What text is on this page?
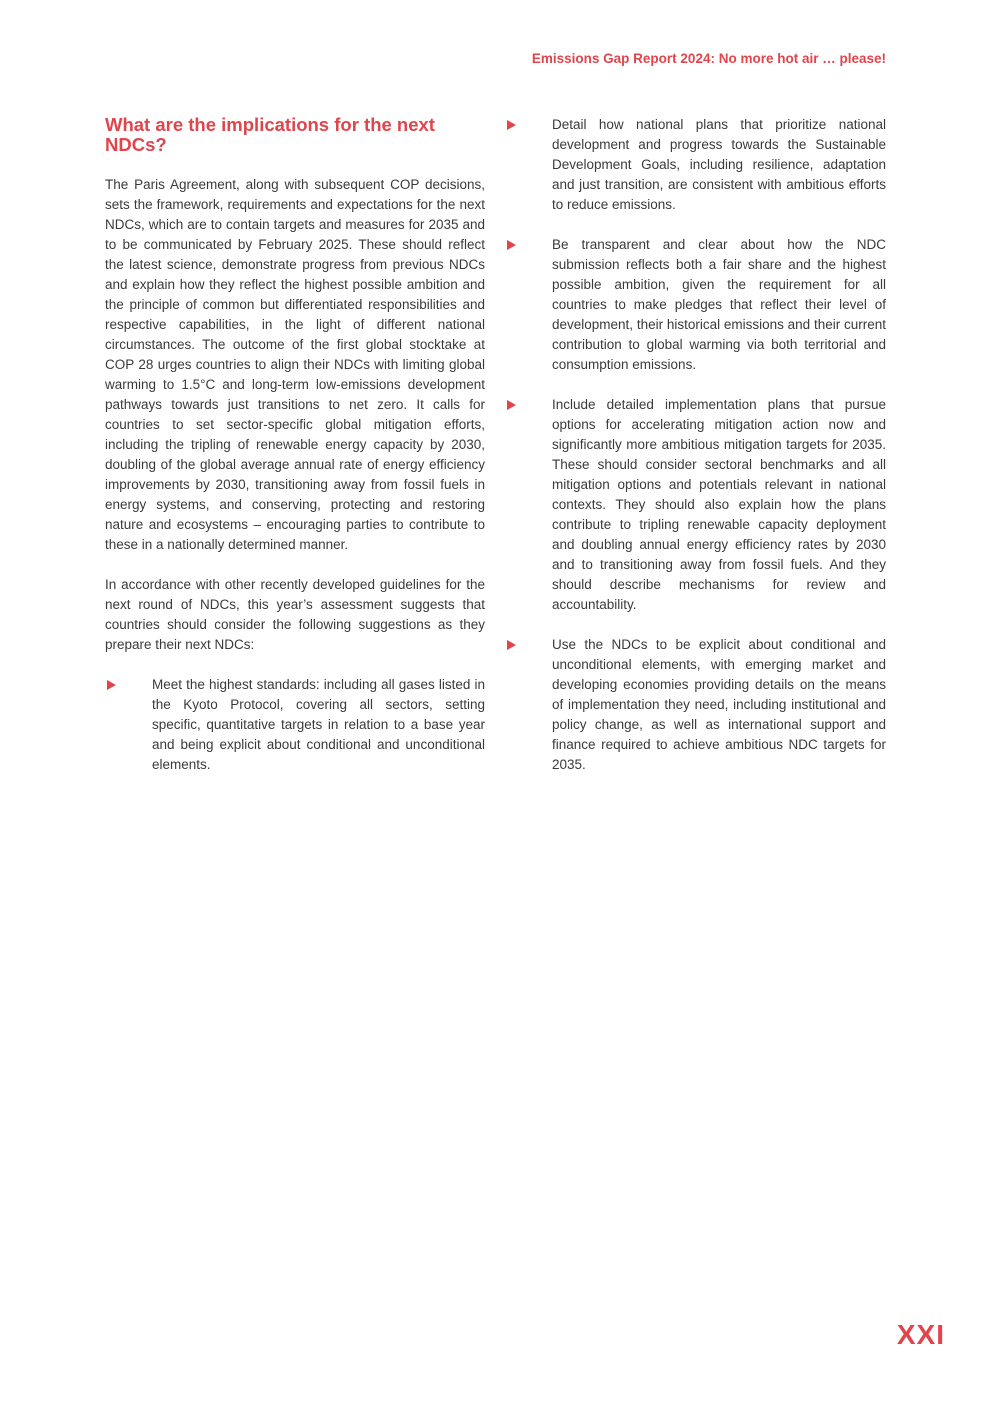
Emissions Gap Report 2024: No more hot air … please!
What are the implications for the next NDCs?

The Paris Agreement, along with subsequent COP decisions, sets the framework, requirements and expectations for the next NDCs, which are to contain targets and measures for 2035 and to be communicated by February 2025. These should reflect the latest science, demonstrate progress from previous NDCs and explain how they reflect the highest possible ambition and the principle of common but differentiated responsibilities and respective capabilities, in the light of different national circumstances. The outcome of the first global stocktake at COP 28 urges countries to align their NDCs with limiting global warming to 1.5°C and long-term low-emissions development pathways towards just transitions to net zero. It calls for countries to set sector-specific global mitigation efforts, including the tripling of renewable energy capacity by 2030, doubling of the global average annual rate of energy efficiency improvements by 2030, transitioning away from fossil fuels in energy systems, and conserving, protecting and restoring nature and ecosystems – encouraging parties to contribute to these in a nationally determined manner.

In accordance with other recently developed guidelines for the next round of NDCs, this year’s assessment suggests that countries should consider the following suggestions as they prepare their next NDCs:

Meet the highest standards: including all gases listed in the Kyoto Protocol, covering all sectors, setting specific, quantitative targets in relation to a base year and being explicit about conditional and unconditional elements.
Detail how national plans that prioritize national development and progress towards the Sustainable Development Goals, including resilience, adaptation and just transition, are consistent with ambitious efforts to reduce emissions.
Be transparent and clear about how the NDC submission reflects both a fair share and the highest possible ambition, given the requirement for all countries to make pledges that reflect their level of development, their historical emissions and their current contribution to global warming via both territorial and consumption emissions.
Include detailed implementation plans that pursue options for accelerating mitigation action now and significantly more ambitious mitigation targets for 2035. These should consider sectoral benchmarks and all mitigation options and potentials relevant in national contexts. They should also explain how the plans contribute to tripling renewable capacity deployment and doubling annual energy efficiency rates by 2030 and to transitioning away from fossil fuels. And they should describe mechanisms for review and accountability.
Use the NDCs to be explicit about conditional and unconditional elements, with emerging market and developing economies providing details on the means of implementation they need, including institutional and policy change, as well as international support and finance required to achieve ambitious NDC targets for 2035.
XXI
